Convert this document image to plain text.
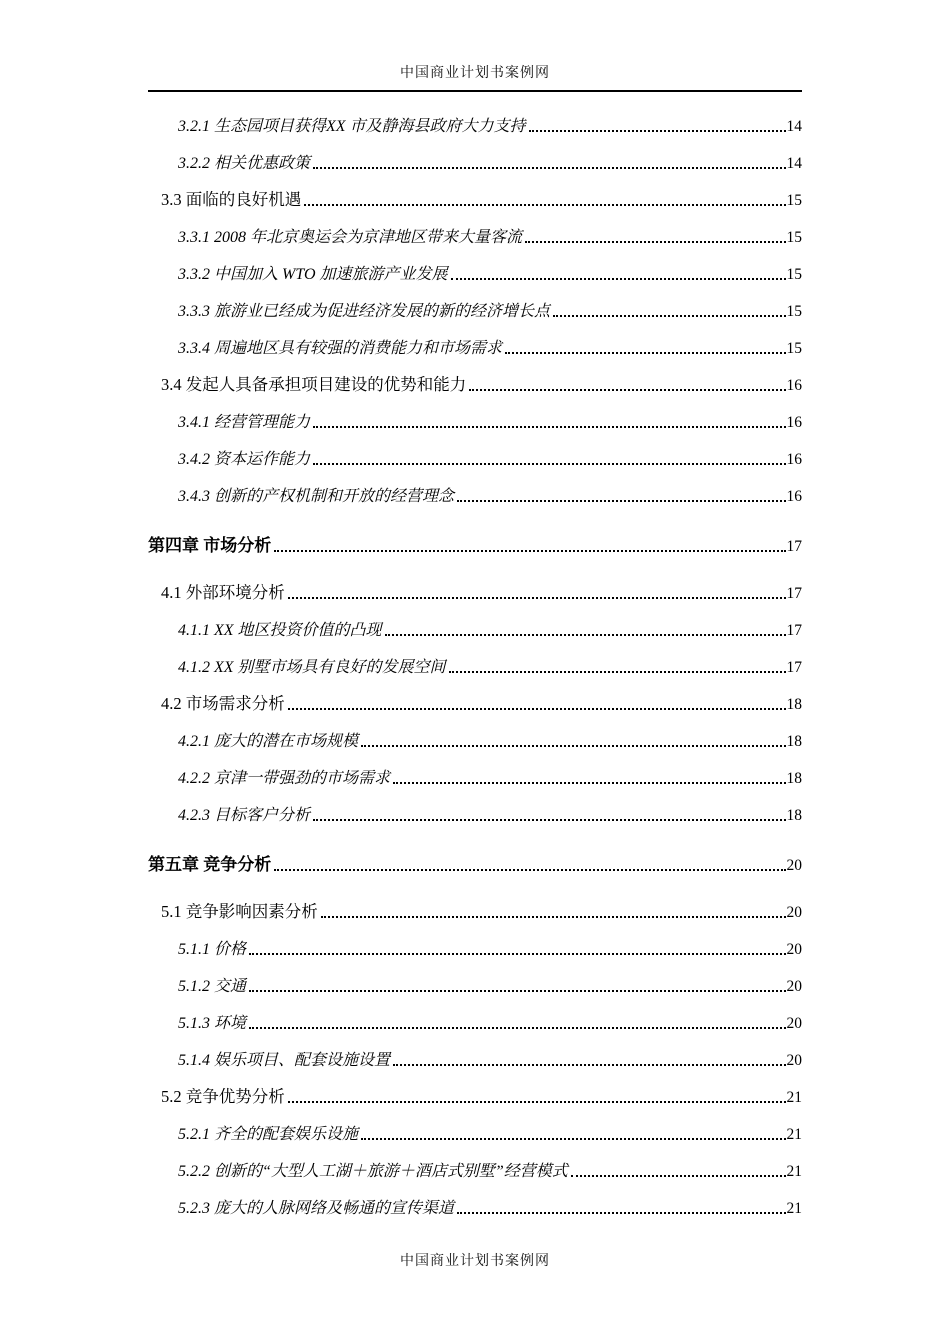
中国商业计划书案例网
3.2.1 生态园项目获得XX 市及静海县政府大力支持	14
3.2.2 相关优惠政策	14
3.3 面临的良好机遇	15
3.3.1 2008 年北京奥运会为京津地区带来大量客流	15
3.3.2 中国加入 WTO 加速旅游产业发展	15
3.3.3 旅游业已经成为促进经济发展的新的经济增长点	15
3.3.4 周遍地区具有较强的消费能力和市场需求	15
3.4 发起人具备承担项目建设的优势和能力	16
3.4.1 经营管理能力	16
3.4.2 资本运作能力	16
3.4.3 创新的产权机制和开放的经营理念	16
第四章 市场分析	17
4.1 外部环境分析	17
4.1.1 XX 地区投资价值的凸现	17
4.1.2 XX 别墅市场具有良好的发展空间	17
4.2 市场需求分析	18
4.2.1 庞大的潜在市场规模	18
4.2.2 京津一带强劲的市场需求	18
4.2.3 目标客户分析	18
第五章 竞争分析	20
5.1 竞争影响因素分析	20
5.1.1 价格	20
5.1.2 交通	20
5.1.3 环境	20
5.1.4 娱乐项目、配套设施设置	20
5.2 竞争优势分析	21
5.2.1 齐全的配套娱乐设施	21
5.2.2 创新的“大型人工湖＋旅游＋酒店式别墅”经营模式	21
5.2.3 庞大的人脉网络及畅通的宣传渠道	21
中国商业计划书案例网
